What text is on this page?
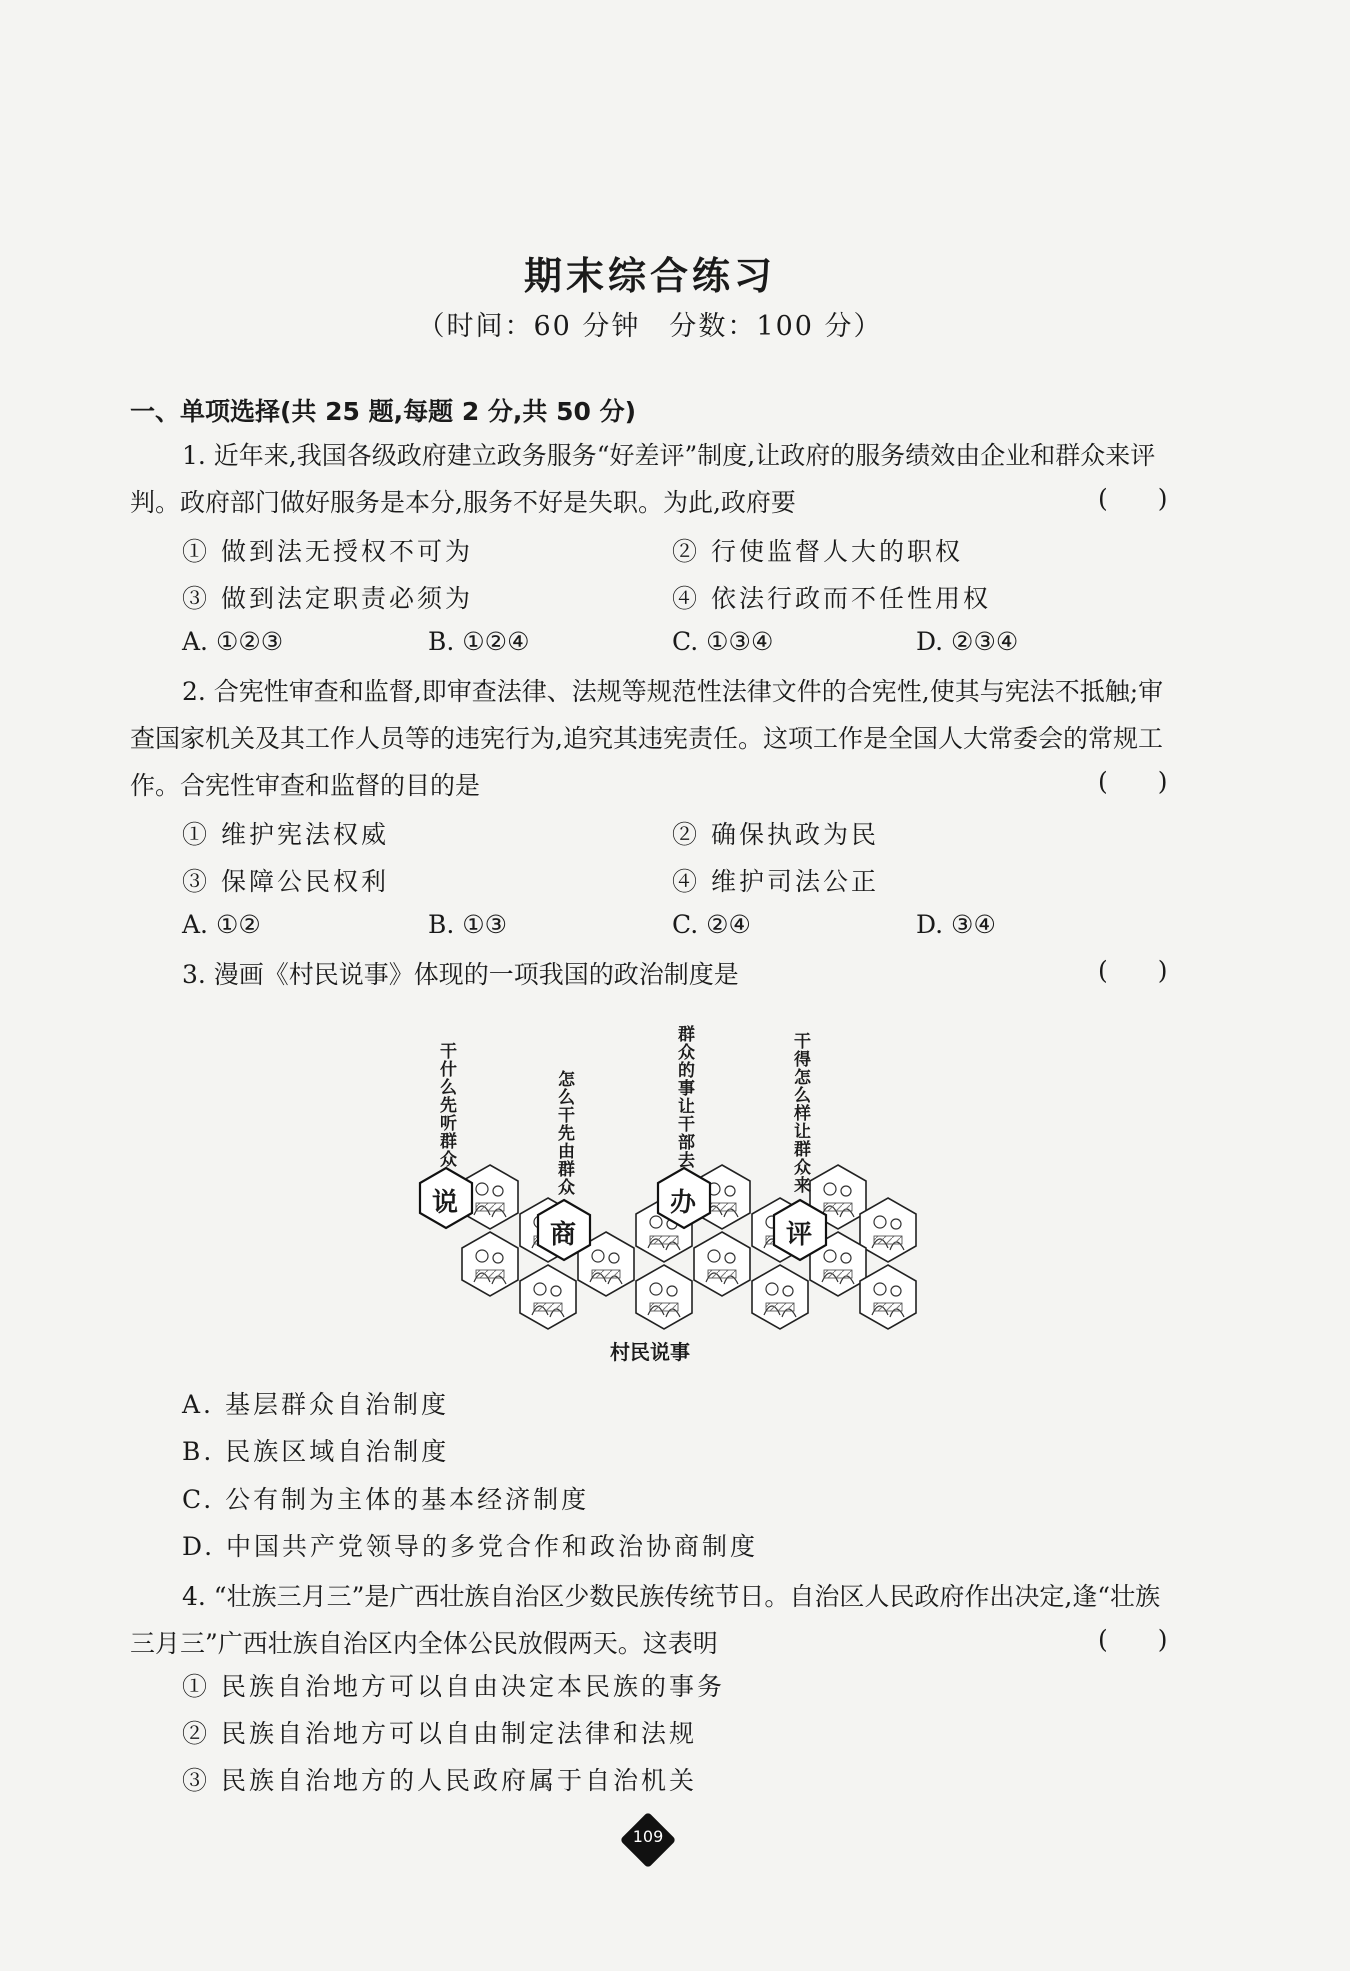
期末综合练习
（时间：60 分钟　分数：100 分）
一、单项选择(共 25 题,每题 2 分,共 50 分)
1. 近年来,我国各级政府建立政务服务“好差评”制度,让政府的服务绩效由企业和群众来评判。政府部门做好服务是本分,服务不好是失职。为此,政府要	(　　)
① 做到法无授权不可为	② 行使监督人大的职权
③ 做到法定职责必须为	④ 依法行政而不任性用权
A. ①②③	B. ①②④	C. ①③④	D. ②③④
2. 合宪性审查和监督,即审查法律、法规等规范性法律文件的合宪性,使其与宪法不抵触;审查国家机关及其工作人员等的违宪行为,追究其违宪责任。这项工作是全国人大常委会的常规工作。合宪性审查和监督的目的是	(　　)
① 维护宪法权威	② 确保执政为民
③ 保障公民权利	④ 维护司法公正
A. ①②	B. ①③	C. ②④	D. ③④
3. 漫画《村民说事》体现的一项我国的政治制度是	(　　)
干什么先听群众	怎么干先由群众	群众的事让干部去	干得怎么样让群众来
说
商
办
评
村民说事
A. 基层群众自治制度
B. 民族区域自治制度
C. 公有制为主体的基本经济制度
D. 中国共产党领导的多党合作和政治协商制度
4. “壮族三月三”是广西壮族自治区少数民族传统节日。自治区人民政府作出决定,逢“壮族三月三”广西壮族自治区内全体公民放假两天。这表明	(　　)
① 民族自治地方可以自由决定本民族的事务
② 民族自治地方可以自由制定法律和法规
③ 民族自治地方的人民政府属于自治机关
109
